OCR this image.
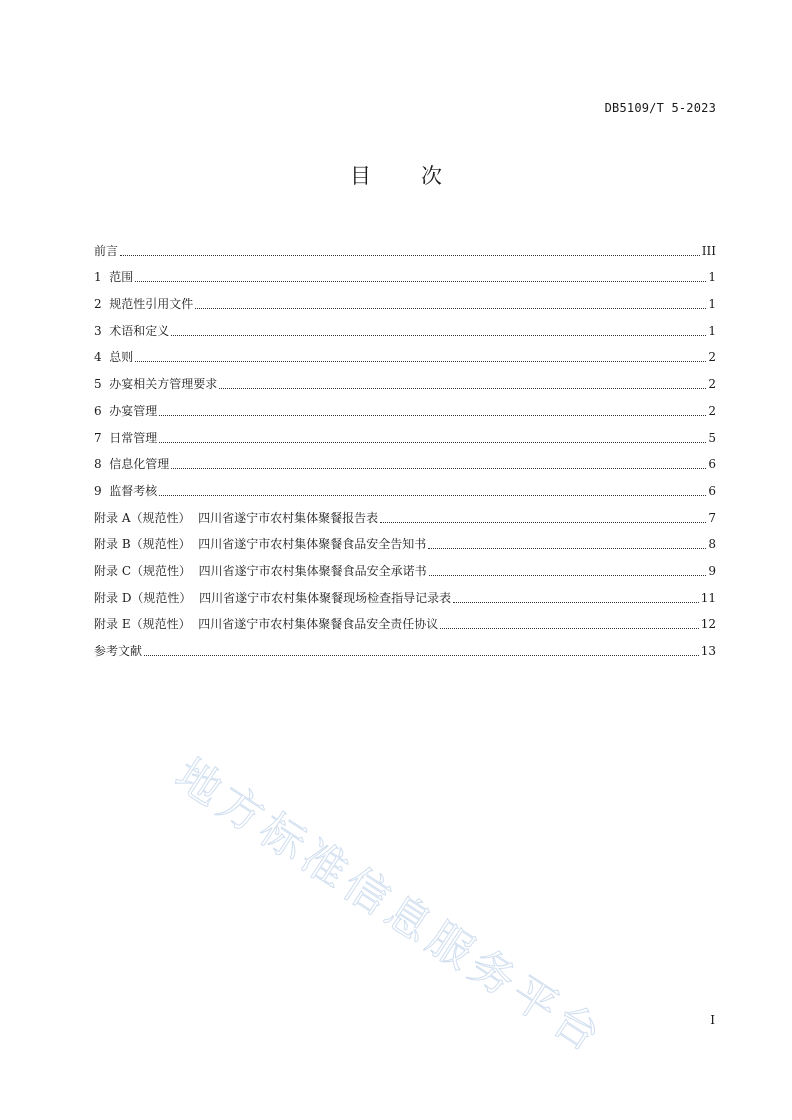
DB5109/T 5-2023
目 次
前言	III
1  范围	1
2  规范性引用文件	1
3  术语和定义	1
4  总则	2
5  办宴相关方管理要求	2
6  办宴管理	2
7  日常管理	5
8  信息化管理	6
9  监督考核	6
附录 A（规范性）  四川省遂宁市农村集体聚餐报告表	7
附录 B（规范性）  四川省遂宁市农村集体聚餐食品安全告知书	8
附录 C（规范性）  四川省遂宁市农村集体聚餐食品安全承诺书	9
附录 D（规范性）  四川省遂宁市农村集体聚餐现场检查指导记录表	11
附录 E（规范性）  四川省遂宁市农村集体聚餐食品安全责任协议	12
参考文献	13
地方标准信息服务平台	I
